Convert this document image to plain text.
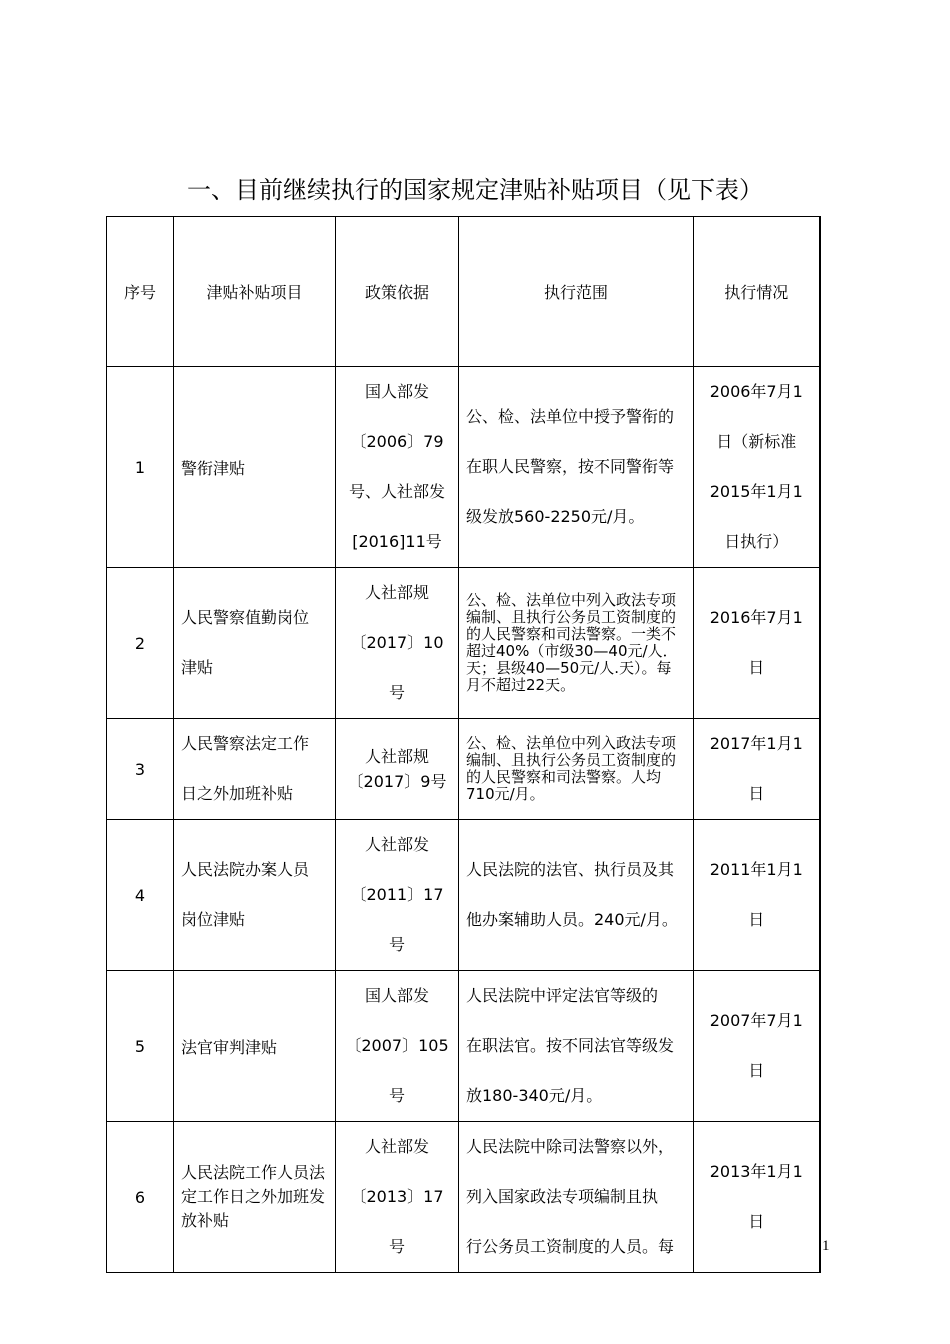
一、目前继续执行的国家规定津贴补贴项目（见下表）
序号	津贴补贴项目	政策依据	执行范围	执行情况
1	警衔津贴	国人部发
〔2006〕79
号、人社部发
[2016]11号	公、检、法单位中授予警衔的
在职人民警察，按不同警衔等
级发放560-2250元/月。	2006年7月1
日（新标准
2015年1月1
日执行）

2	人民警察值勤岗位
津贴	人社部规
〔2017〕10号	公、检、法单位中列入政法专项编制、且执行公务员工资制度的的人民警察和司法警察。一类不超过40%（市级30—40元/人．天；县级40—50元/人.天）。每月不超过22天。	2016年7月1
日

3	人民警察法定工作
日之外加班补贴	人社部规
〔2017〕9号	公、检、法单位中列入政法专项编制、且执行公务员工资制度的的人民警察和司法警察。人均710元/月。	2017年1月1
日

4	人民法院办案人员
岗位津贴	人社部发
〔2011〕17号	人民法院的法官、执行员及其
他办案辅助人员。240元/月。	2011年1月1
日

5	法官审判津贴	国人部发
〔2007〕105
号	人民法院中评定法官等级的
在职法官。按不同法官等级发
放180-340元/月。	2007年7月1
日

6	人民法院工作人员法定工作日之外加班发放补贴	人社部发
〔2013〕17号	人民法院中除司法警察以外，
列入国家政法专项编制且执
行公务员工资制度的人员。每	2013年1月1
日
1
